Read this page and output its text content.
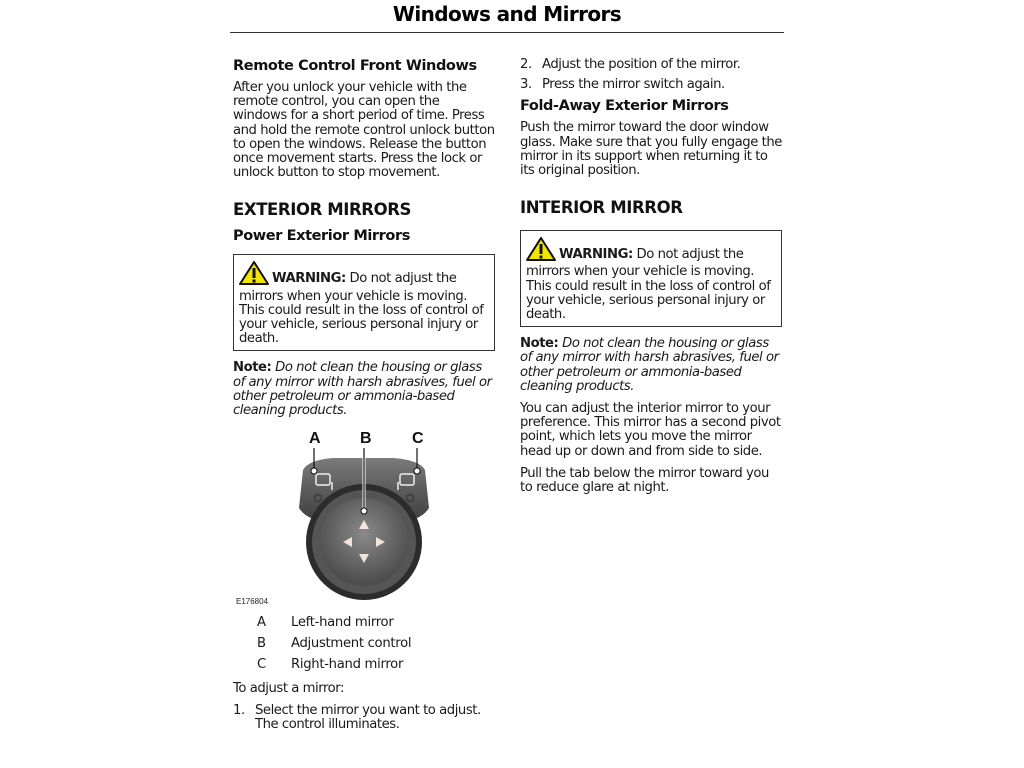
Windows and Mirrors
Remote Control Front Windows

After you unlock your vehicle with the remote control, you can open the windows for a short period of time. Press and hold the remote control unlock button to open the windows. Release the button once movement starts. Press the lock or unlock button to stop movement.

EXTERIOR MIRRORS
Power Exterior Mirrors
WARNING: Do not adjust the mirrors when your vehicle is moving. This could result in the loss of control of your vehicle, serious personal injury or death.

Note: Do not clean the housing or glass of any mirror with harsh abrasives, fuel or other petroleum or ammonia-based cleaning products.

A B	C
E176804
A	Left-hand mirror
B	Adjustment control
C	Right-hand mirror

To adjust a mirror:

1. Select the mirror you want to adjust. The control illuminates.
2. Adjust the position of the mirror.
3. Press the mirror switch again.
Fold-Away Exterior Mirrors

Push the mirror toward the door window glass. Make sure that you fully engage the mirror in its support when returning it to its original position.

INTERIOR MIRROR
WARNING: Do not adjust the mirrors when your vehicle is moving. This could result in the loss of control of your vehicle, serious personal injury or death.

Note: Do not clean the housing or glass of any mirror with harsh abrasives, fuel or other petroleum or ammonia-based cleaning products.

You can adjust the interior mirror to your preference. This mirror has a second pivot point, which lets you move the mirror head up or down and from side to side.

Pull the tab below the mirror toward you to reduce glare at night.
